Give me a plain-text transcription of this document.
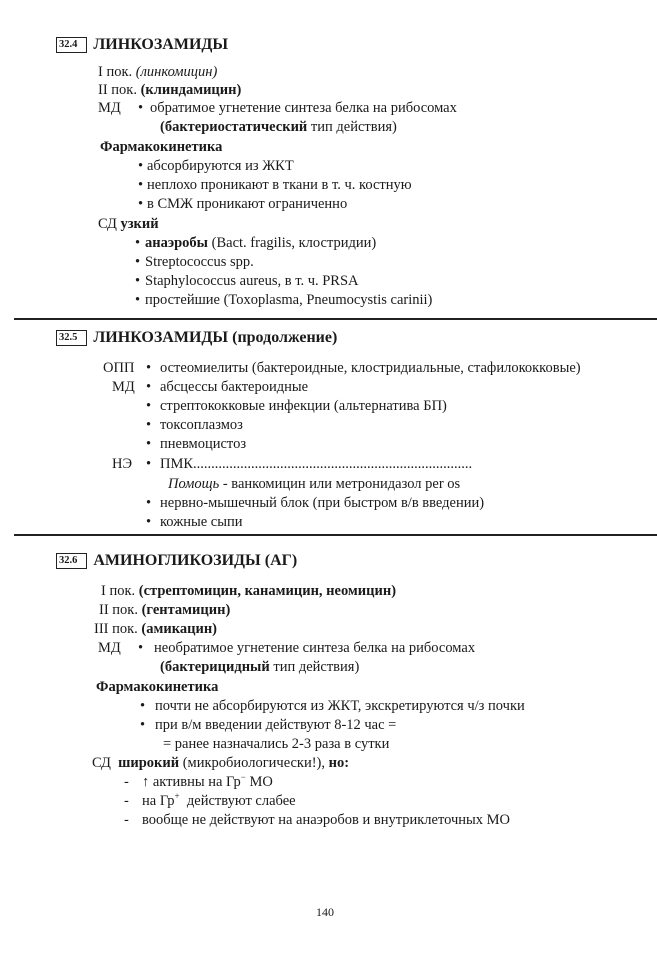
32.4 ЛИНКОЗАМИДЫ
I пок. (линкомицин)
II пок. (клиндамицин)
МД • обратимое угнетение синтеза белка на рибосомах
(бактериостатический тип действия)
Фармакокинетика
• абсорбируются из ЖКТ
• неплохо проникают в ткани в т. ч. костную
• в СМЖ проникают ограниченно
СД узкий
• анаэробы (Bact. fragilis, клостридии)
• Streptococcus spp.
• Staphylococcus aureus, в т. ч. PRSA
• простейшие (Toxoplasma, Pneumocystis carinii)
32.5 ЛИНКОЗАМИДЫ (продолжение)
ОПП • остеомиелиты (бактероидные, клостридиальные, стафилококковые)
МД • абсцессы бактероидные
• стрептококковые инфекции (альтернатива БП)
• токсоплазмоз
• пневмоцистоз
НЭ • ПМК.............................................................................
Помощь - ванкомицин или метронидазол per os
• нервно-мышечный блок (при быстром в/в введении)
• кожные сыпи
32.6 АМИНОГЛИКОЗИДЫ (АГ)
I пок. (стрептомицин, канамицин, неомицин)
II пок. (гентамицин)
III пок. (амикацин)
МД • необратимое угнетение синтеза белка на рибосомах
(бактерицидный тип действия)
Фармакокинетика
• почти не абсорбируются из ЖКТ, экскретируются ч/з почки
• при в/м введении действуют 8-12 час =
= ранее назначались 2-3 раза в сутки
СД широкий (микробиологически!), но:
- ↑ активны на Гр− МО
- на Гр+  действуют слабее
- вообще не действуют на анаэробов и внутриклеточных МО
140
